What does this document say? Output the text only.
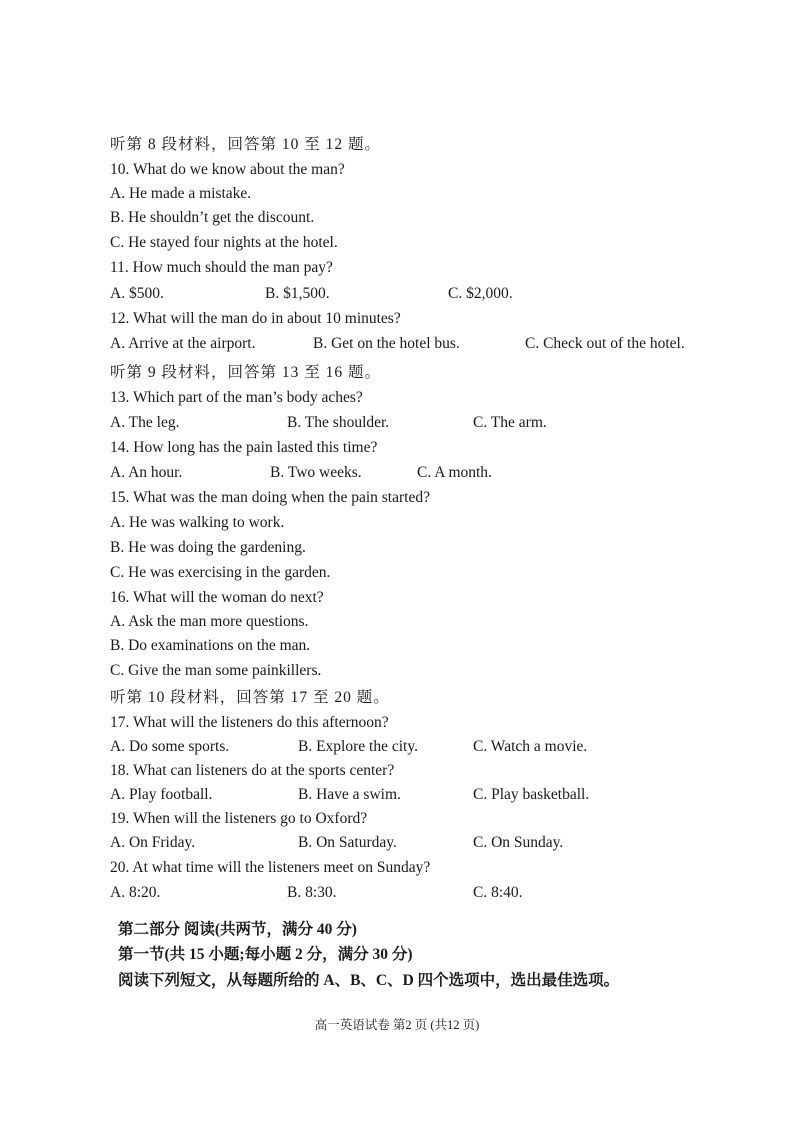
听第 8 段材料，回答第 10 至 12 题。
10. What do we know about the man?
A. He made a mistake.
B. He shouldn’t get the discount.
C. He stayed four nights at the hotel.
11. How much should the man pay?
A. $500.	B. $1,500.	C. $2,000.
12. What will the man do in about 10 minutes?
A. Arrive at the airport.	B. Get on the hotel bus.	C. Check out of the hotel.
听第 9 段材料，回答第 13 至 16 题。
13. Which part of the man’s body aches?
A. The leg.	B. The shoulder.	C. The arm.
14. How long has the pain lasted this time?
A. An hour.	B. Two weeks.	C. A month.
15. What was the man doing when the pain started?
A. He was walking to work.
B. He was doing the gardening.
C. He was exercising in the garden.
16. What will the woman do next?
A. Ask the man more questions.
B. Do examinations on the man.
C. Give the man some painkillers.
听第 10 段材料，回答第 17 至 20 题。
17. What will the listeners do this afternoon?
A. Do some sports.	B. Explore the city.	C. Watch a movie.
18. What can listeners do at the sports center?
A. Play football.	B. Have a swim.	C. Play basketball.
19. When will the listeners go to Oxford?
A. On Friday.	B. On Saturday.	C. On Sunday.
20. At what time will the listeners meet on Sunday?
A. 8:20.	B. 8:30.	C. 8:40.
第二部分 阅读(共两节，满分 40 分)
第一节(共 15 小题;每小题 2 分，满分 30 分)
阅读下列短文，从每题所给的 A、B、C、D 四个选项中，选出最佳选项。
高一英语试卷 第2 页 (共12 页)
